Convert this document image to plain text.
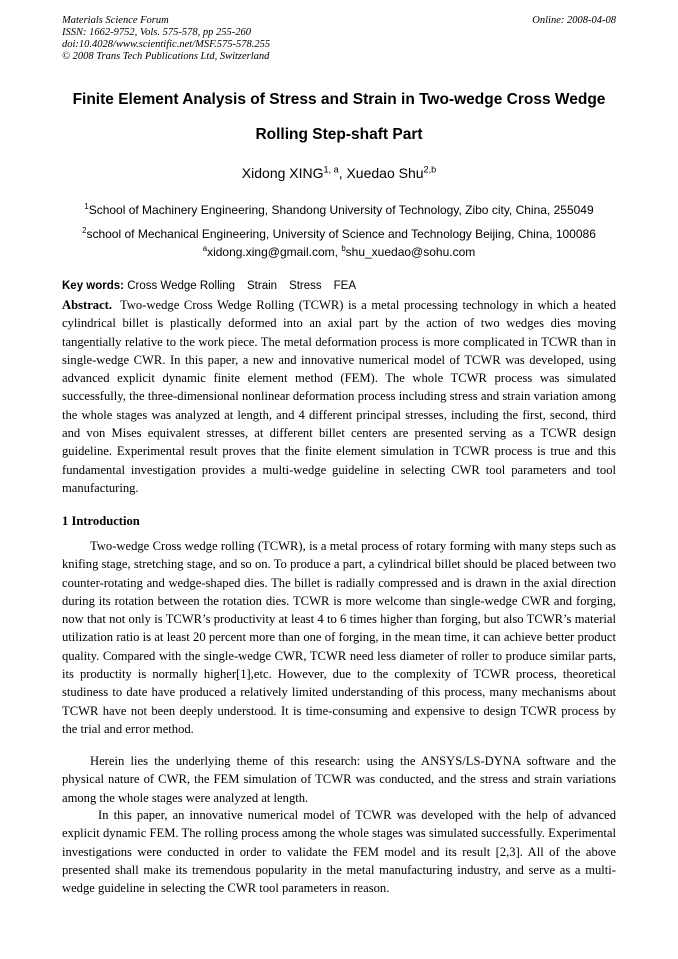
Materials Science Forum
ISSN: 1662-9752, Vols. 575-578, pp 255-260
doi:10.4028/www.scientific.net/MSF.575-578.255
© 2008 Trans Tech Publications Ltd, Switzerland
Online: 2008-04-08
Finite Element Analysis of Stress and Strain in Two-wedge Cross Wedge
Rolling Step-shaft Part
Xidong XING$^{1, a}$, Xuedao Shu$^{2,b}$
$^1$School of Machinery Engineering, Shandong University of Technology, Zibo city, China, 255049
$^2$school of Mechanical Engineering, University of Science and Technology Beijing, China, 100086
$^a$xidong.xing@gmail.com, $^b$shu_xuedao@sohu.com
Key words: Cross Wedge Rolling Strain Stress FEA

Abstract. Two-wedge Cross Wedge Rolling (TCWR) is a metal processing technology in which a heated cylindrical billet is plastically deformed into an axial part by the action of two wedges dies moving tangentially relative to the work piece. The metal deformation process is more complicated in TCWR than in single-wedge CWR. In this paper, a new and innovative numerical model of TCWR was developed, using advanced explicit dynamic finite element method (FEM). The whole TCWR process was simulated successfully, the three-dimensional nonlinear deformation process including stress and strain variation among the whole stages was analyzed at length, and 4 different principal stresses, including the first, second, third and von Mises equivalent stresses, at different billet centers are presented serving as a TCWR design guideline. Experimental result proves that the finite element simulation in TCWR process is true and this fundamental investigation provides a multi-wedge guideline in selecting CWR tool parameters and tool manufacturing.

1 Introduction

Two-wedge Cross wedge rolling (TCWR), is a metal process of rotary forming with many steps such as knifing stage, stretching stage, and so on. To produce a part, a cylindrical billet should be placed between two counter-rotating and wedge-shaped dies. The billet is radially compressed and is drawn in the axial direction during its rotation between the rotation dies. TCWR is more welcome than single-wedge CWR and forging, now that not only is TCWR’s productivity at least 4 to 6 times higher than forging, but also TCWR’s material utilization ratio is at least 20 percent more than one of forging, in the mean time, it can achieve better product quality. Compared with the single-wedge CWR, TCWR need less diameter of roller to produce similar parts, its productity is normally higher[1],etc. However, due to the complexity of TCWR process, theoretical studiness to date have produced a relatively limited understanding of this process, many mechanisms about TCWR have not been deeply understood. It is time-consuming and expensive to design TCWR process by the trial and error method.

Herein lies the underlying theme of this research: using the ANSYS/LS-DYNA software and the physical nature of CWR, the FEM simulation of TCWR was conducted, and the stress and strain variations among the whole stages were analyzed at length.

In this paper, an innovative numerical model of TCWR was developed with the help of advanced explicit dynamic FEM. The rolling process among the whole stages was simulated successfully. Experimental investigations were conducted in order to validate the FEM model and its result [2,3]. All of the above presented shall make its tremendous popularity in the metal manufacturing industry, and serve as a multi-wedge guideline in selecting the CWR tool parameters in reason.
